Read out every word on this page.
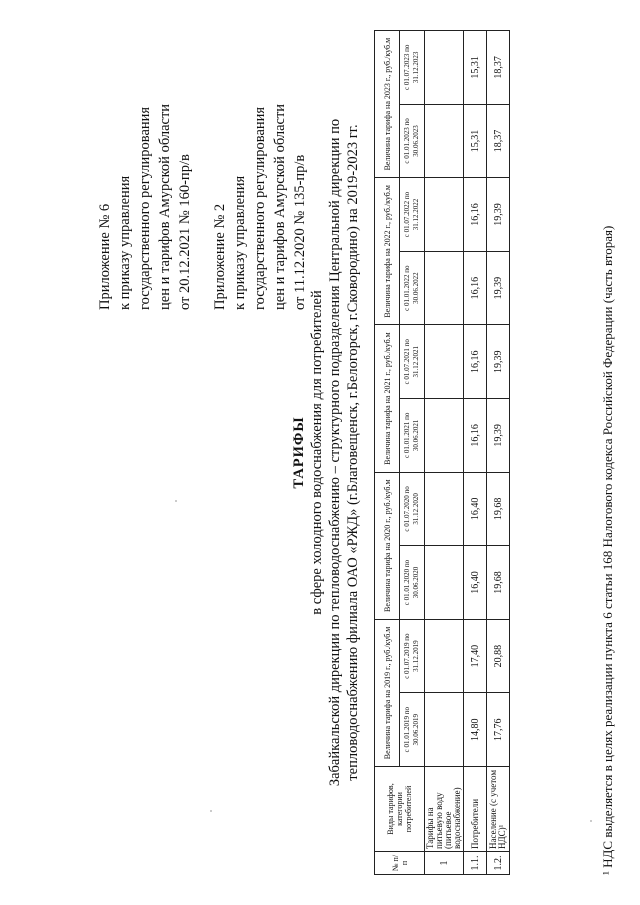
Приложение № 6 к приказу управления государственного регулирования цен и тарифов Амурской области от 20.12.2021 № 160-пр/в Приложение № 2 к приказу управления государственного регулирования цен и тарифов Амурской области от 11.12.2020 № 135-пр/в
ТАРИФЫ в сфере холодного водоснабжения для потребителей Забайкальской дирекции по тепловодоснабжению – структурного подразделения Центральной дирекции по тепловодоснабжению филиала ОАО «РЖД» (г.Благовещенск, г.Белогорск, г.Сковородино) на 2019-2023 гг.
№ п/п	Виды тарифов, категории потребителей	Величина тарифа на 2019 г., руб./куб.м		Величина тарифа на 2020 г., руб./куб.м		Величина тарифа на 2021 г., руб./куб.м		Величина тарифа на 2022 г., руб./куб.м		Величина тарифа на 2023 г., руб./куб.м	
		с 01.01.2019 по 30.06.2019	с 01.07.2019 по 31.12.2019	с 01.01.2020 по 30.06.2020	с 01.07.2020 по 31.12.2020	с 01.01.2021 по 30.06.2021	с 01.07.2021 по 31.12.2021	с 01.01.2022 по 30.06.2022	с 01.07.2022 по 31.12.2022	с 01.01.2023 по 30.06.2023	с 01.07.2023 по 31.12.2023
1	Тарифы на питьевую воду (питьевое водоснабжение)										
1.1.	Потребители	14,80	17,40	16,40	16,40	16,16	16,16	16,16	16,16	15,31	15,31
1.2.	Население (с учетом НДС)¹	17,76	20,88	19,68	19,68	19,39	19,39	19,39	19,39	18,37	18,37
¹ НДС выделяется в целях реализации пункта 6 статьи 168 Налогового кодекса Российской Федерации (часть вторая)
